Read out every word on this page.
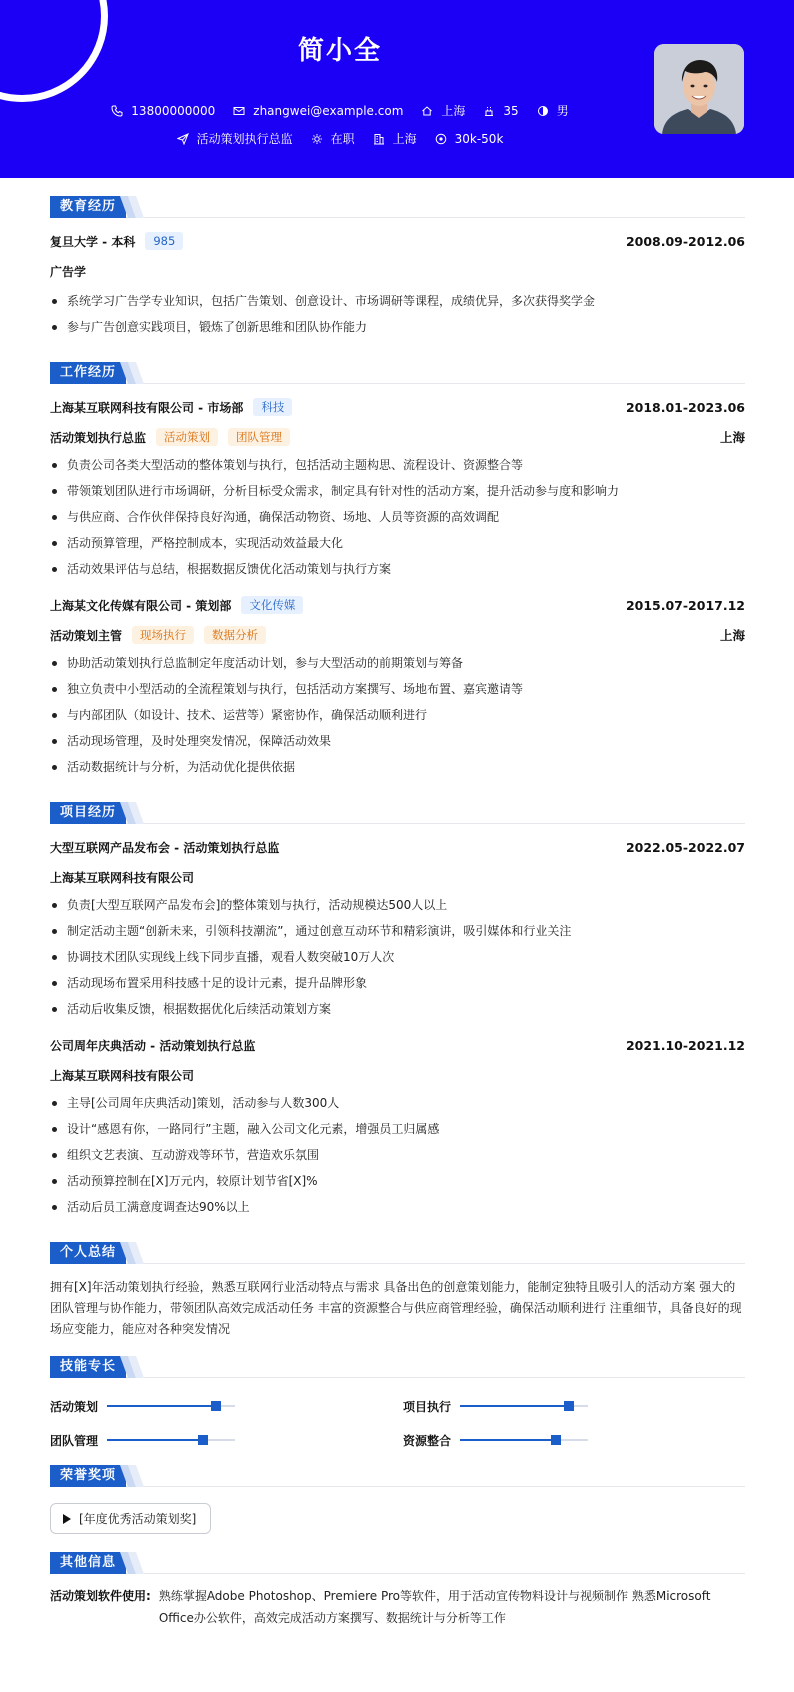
简小全
13800000000	zhangwei@example.com	上海	35	男
活动策划执行总监	在职	上海	30k-50k
教育经历
复旦大学 - 本科	985	2008.09-2012.06
广告学
系统学习广告学专业知识，包括广告策划、创意设计、市场调研等课程，成绩优异，多次获得奖学金
参与广告创意实践项目，锻炼了创新思维和团队协作能力
工作经历
上海某互联网科技有限公司 - 市场部	科技	2018.01-2023.06
活动策划执行总监	活动策划	团队管理	上海
负责公司各类大型活动的整体策划与执行，包括活动主题构思、流程设计、资源整合等
带领策划团队进行市场调研，分析目标受众需求，制定具有针对性的活动方案，提升活动参与度和影响力
与供应商、合作伙伴保持良好沟通，确保活动物资、场地、人员等资源的高效调配
活动预算管理，严格控制成本，实现活动效益最大化
活动效果评估与总结，根据数据反馈优化活动策划与执行方案
上海某文化传媒有限公司 - 策划部	文化传媒	2015.07-2017.12
活动策划主管	现场执行	数据分析	上海
协助活动策划执行总监制定年度活动计划，参与大型活动的前期策划与筹备
独立负责中小型活动的全流程策划与执行，包括活动方案撰写、场地布置、嘉宾邀请等
与内部团队（如设计、技术、运营等）紧密协作，确保活动顺利进行
活动现场管理，及时处理突发情况，保障活动效果
活动数据统计与分析，为活动优化提供依据
项目经历
大型互联网产品发布会 - 活动策划执行总监	2022.05-2022.07
上海某互联网科技有限公司
负责[大型互联网产品发布会]的整体策划与执行，活动规模达500人以上
制定活动主题“创新未来，引领科技潮流”，通过创意互动环节和精彩演讲，吸引媒体和行业关注
协调技术团队实现线上线下同步直播，观看人数突破10万人次
活动现场布置采用科技感十足的设计元素，提升品牌形象
活动后收集反馈，根据数据优化后续活动策划方案
公司周年庆典活动 - 活动策划执行总监	2021.10-2021.12
上海某互联网科技有限公司
主导[公司周年庆典活动]策划，活动参与人数300人
设计“感恩有你，一路同行”主题，融入公司文化元素，增强员工归属感
组织文艺表演、互动游戏等环节，营造欢乐氛围
活动预算控制在[X]万元内，较原计划节省[X]%
活动后员工满意度调查达90%以上
个人总结
拥有[X]年活动策划执行经验，熟悉互联网行业活动特点与需求 具备出色的创意策划能力，能制定独特且吸引人的活动方案 强大的团队管理与协作能力，带领团队高效完成活动任务 丰富的资源整合与供应商管理经验，确保活动顺利进行 注重细节，具备良好的现场应变能力，能应对各种突发情况
技能专长
活动策划	项目执行
团队管理	资源整合
荣誉奖项
[年度优秀活动策划奖]
其他信息
活动策划软件使用: 熟练掌握Adobe Photoshop、Premiere Pro等软件，用于活动宣传物料设计与视频制作 熟悉Microsoft Office办公软件，高效完成活动方案撰写、数据统计与分析等工作
